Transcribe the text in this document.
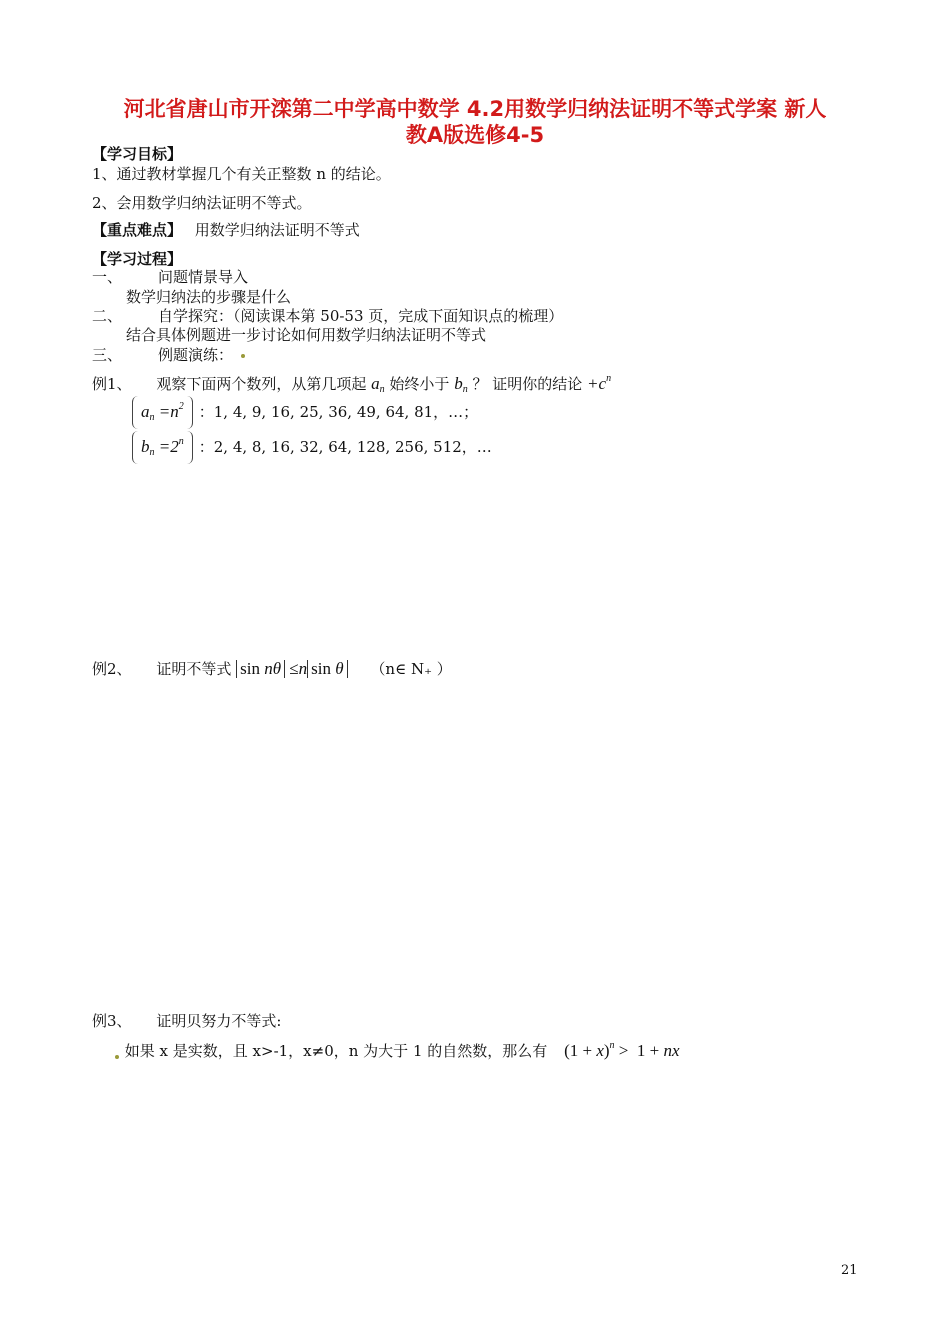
河北省唐山市开滦第二中学高中数学 4.2用数学归纳法证明不等式学案 新人
教A版选修4-5
【学习目标】
1、通过教材掌握几个有关正整数 n 的结论。
2、会用数学归纳法证明不等式。
【重点难点】 用数学归纳法证明不等式
【学习过程】
一、 问题情景导入
数学归纳法的步骤是什么
二、 自学探究：（阅读课本第 50-53 页，完成下面知识点的梳理）
结合具体例题进一步讨论如何用数学归纳法证明不等式
三、 例题演练：
例1、 观察下面两个数列，从第几项起 $a_n$ 始终小于 $b_n$ ？ 证明你的结论 $+c^n$
$a_n =n^2$ ：1, 4, 9, 16, 25, 36, 49, 64, 81，…；
$b_n =2^n$ ：2, 4, 8, 16, 32, 64, 128, 256, 512，…
例2、 证明不等式 sin nθ ≤n sin θ （n∈ N₊ ）
例3、 证明贝努力不等式:
如果 x 是实数，且 x>-1，x≠0，n 为大于 1 的自然数，那么有 $(1 + x)^n > 1$ + nx
21
